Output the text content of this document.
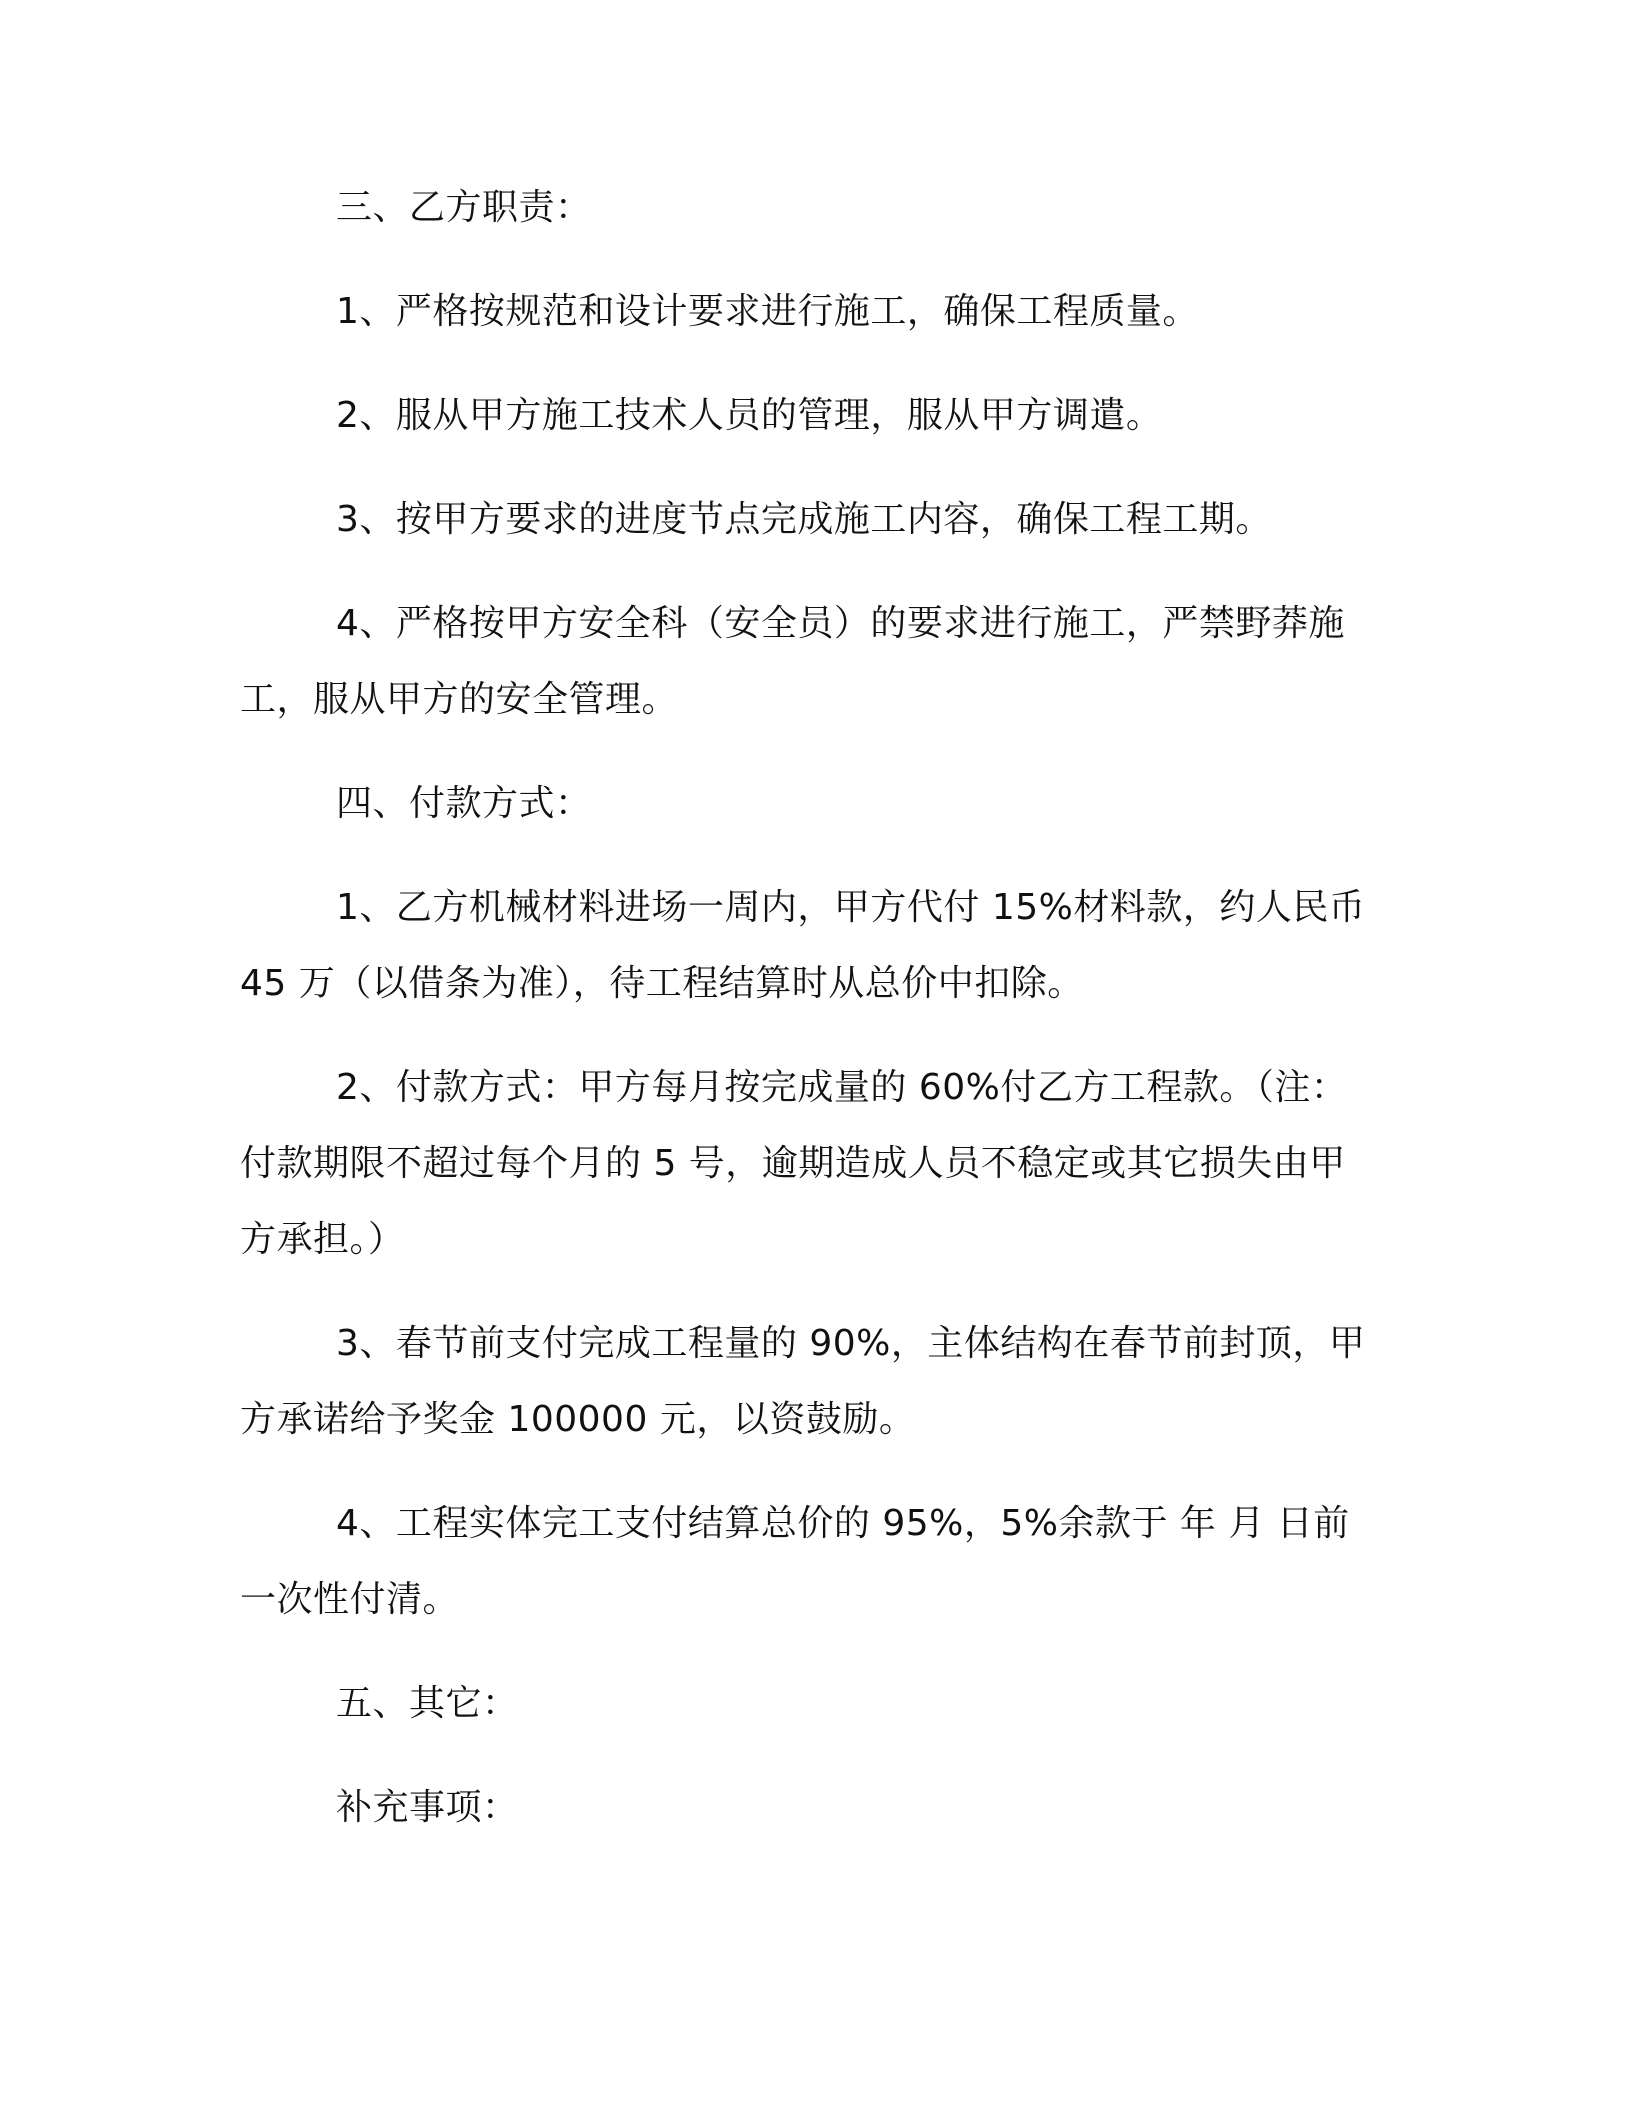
三、乙方职责：

1、严格按规范和设计要求进行施工，确保工程质量。

2、服从甲方施工技术人员的管理，服从甲方调遣。

3、按甲方要求的进度节点完成施工内容，确保工程工期。

4、严格按甲方安全科（安全员）的要求进行施工，严禁野莽施工，服从甲方的安全管理。

四、付款方式：

1、乙方机械材料进场一周内，甲方代付 15%材料款，约人民币 45 万（以借条为准），待工程结算时从总价中扣除。

2、付款方式：甲方每月按完成量的 60%付乙方工程款。（注：付款期限不超过每个月的 5 号，逾期造成人员不稳定或其它损失由甲方承担。）

3、春节前支付完成工程量的 90%，主体结构在春节前封顶，甲方承诺给予奖金 100000 元，以资鼓励。

4、工程实体完工支付结算总价的 95%，5%余款于 年 月 日前一次性付清。

五、其它：

补充事项：
